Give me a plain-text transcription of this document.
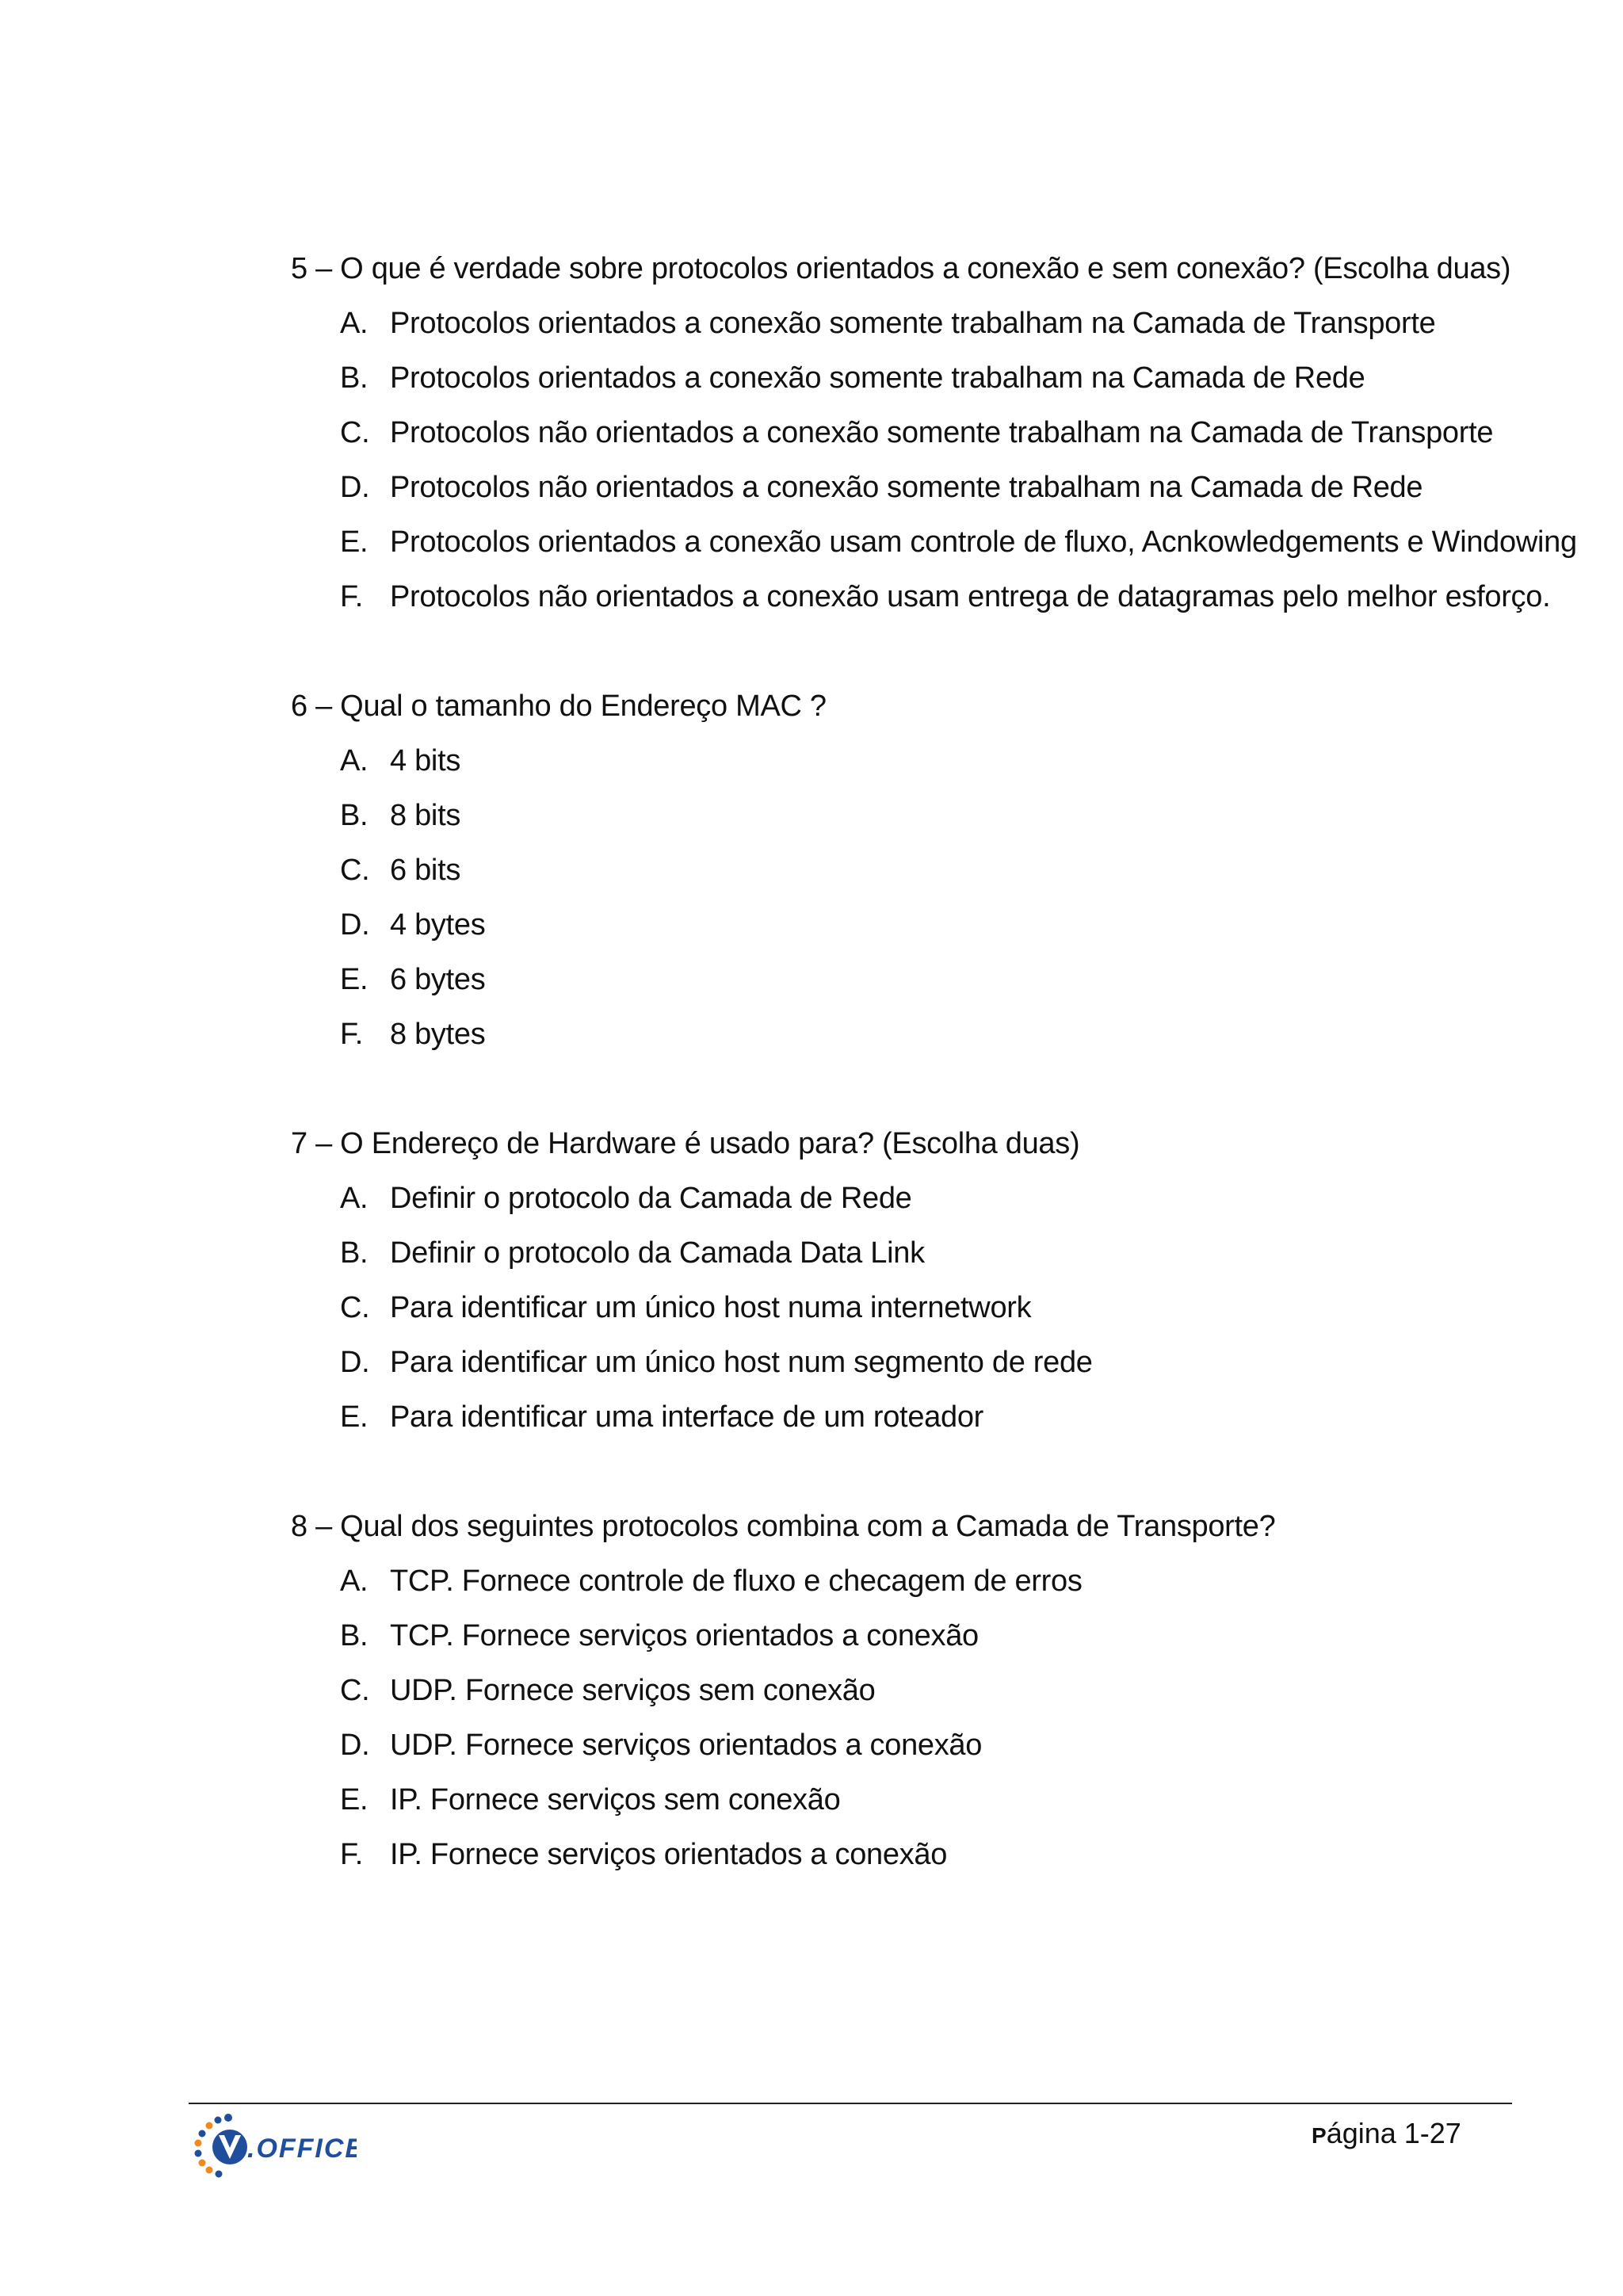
5 – O que é verdade sobre protocolos orientados a conexão e sem conexão? (Escolha duas)
A. Protocolos orientados a conexão somente trabalham na Camada de Transporte
B. Protocolos orientados a conexão somente trabalham na Camada de Rede
C. Protocolos não orientados a conexão somente trabalham na Camada de Transporte
D. Protocolos não orientados a conexão somente trabalham na Camada de Rede
E. Protocolos orientados a conexão usam controle de fluxo, Acnkowledgements e Windowing
F. Protocolos não orientados a conexão usam entrega de datagramas pelo melhor esforço.
6 – Qual o tamanho do Endereço MAC ?
A. 4 bits
B. 8 bits
C. 6 bits
D. 4 bytes
E. 6 bytes
F. 8 bytes
7 – O Endereço de Hardware é usado para? (Escolha duas)
A. Definir o protocolo da Camada de Rede
B. Definir o protocolo da Camada Data Link
C. Para identificar um único host numa internetwork
D. Para identificar um único host num segmento de rede
E. Para identificar uma interface de um roteador
8 – Qual dos seguintes protocolos combina com a Camada de Transporte?
A. TCP. Fornece controle de fluxo e checagem de erros
B. TCP. Fornece serviços orientados a conexão
C. UDP. Fornece serviços sem conexão
D. UDP. Fornece serviços orientados a conexão
E. IP. Fornece serviços sem conexão
F. IP. Fornece serviços orientados a conexão
.OFFICE	Página 1-27
